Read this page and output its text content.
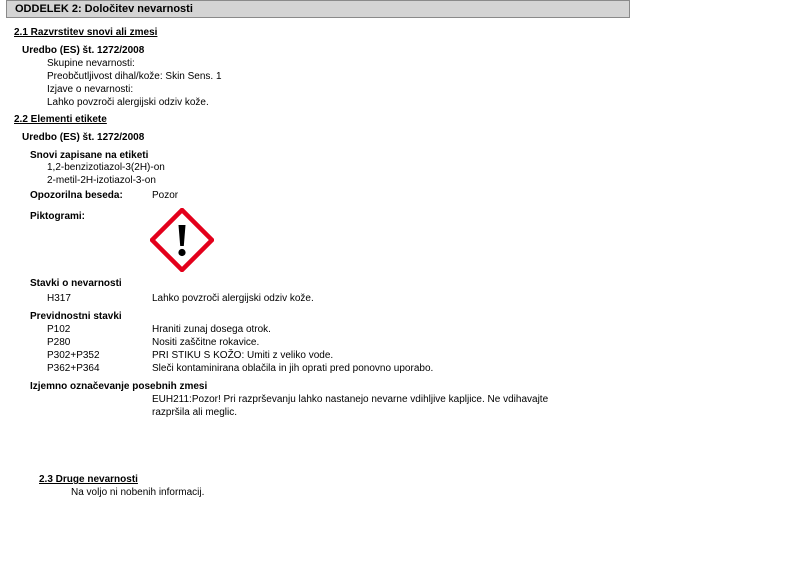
ODDELEK 2: Določitev nevarnosti
2.1 Razvrstitev snovi ali zmesi
Uredbo (ES) št. 1272/2008
Skupine nevarnosti:
Preobčutljivost dihal/kože: Skin Sens. 1
Izjave o nevarnosti:
Lahko povzroči alergijski odziv kože.
2.2 Elementi etikete
Uredbo (ES) št. 1272/2008
Snovi zapisane na etiketi
1,2-benzizotiazol-3(2H)-on
2-metil-2H-izotiazol-3-on
Opozorilna beseda:	Pozor
Piktogrami:
Stavki o nevarnosti
H317	Lahko povzroči alergijski odziv kože.
Previdnostni stavki
P102	Hraniti zunaj dosega otrok.
P280	Nositi zaščitne rokavice.
P302+P352	PRI STIKU S KOŽO: Umiti z veliko vode.
P362+P364	Sleči kontaminirana oblačila in jih oprati pred ponovno uporabo.
Izjemno označevanje posebnih zmesi
EUH211:Pozor! Pri razprševanju lahko nastanejo nevarne vdihljive kapljice. Ne vdihavajte
razpršila ali meglic.
2.3 Druge nevarnosti
Na voljo ni nobenih informacij.
